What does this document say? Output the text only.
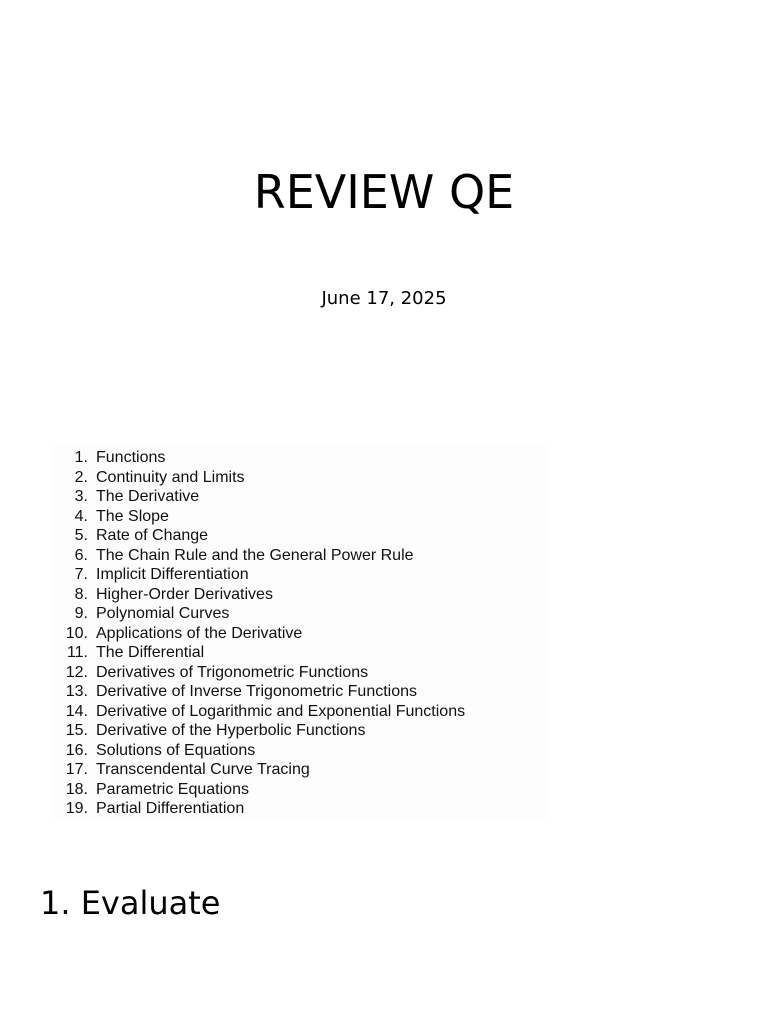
REVIEW QE
June 17, 2025
1. Functions
2. Continuity and Limits
3. The Derivative
4. The Slope
5. Rate of Change
6. The Chain Rule and the General Power Rule
7. Implicit Differentiation
8. Higher-Order Derivatives
9. Polynomial Curves
10. Applications of the Derivative
11. The Differential
12. Derivatives of Trigonometric Functions
13. Derivative of Inverse Trigonometric Functions
14. Derivative of Logarithmic and Exponential Functions
15. Derivative of the Hyperbolic Functions
16. Solutions of Equations
17. Transcendental Curve Tracing
18. Parametric Equations
19. Partial Differentiation
1. Evaluate
